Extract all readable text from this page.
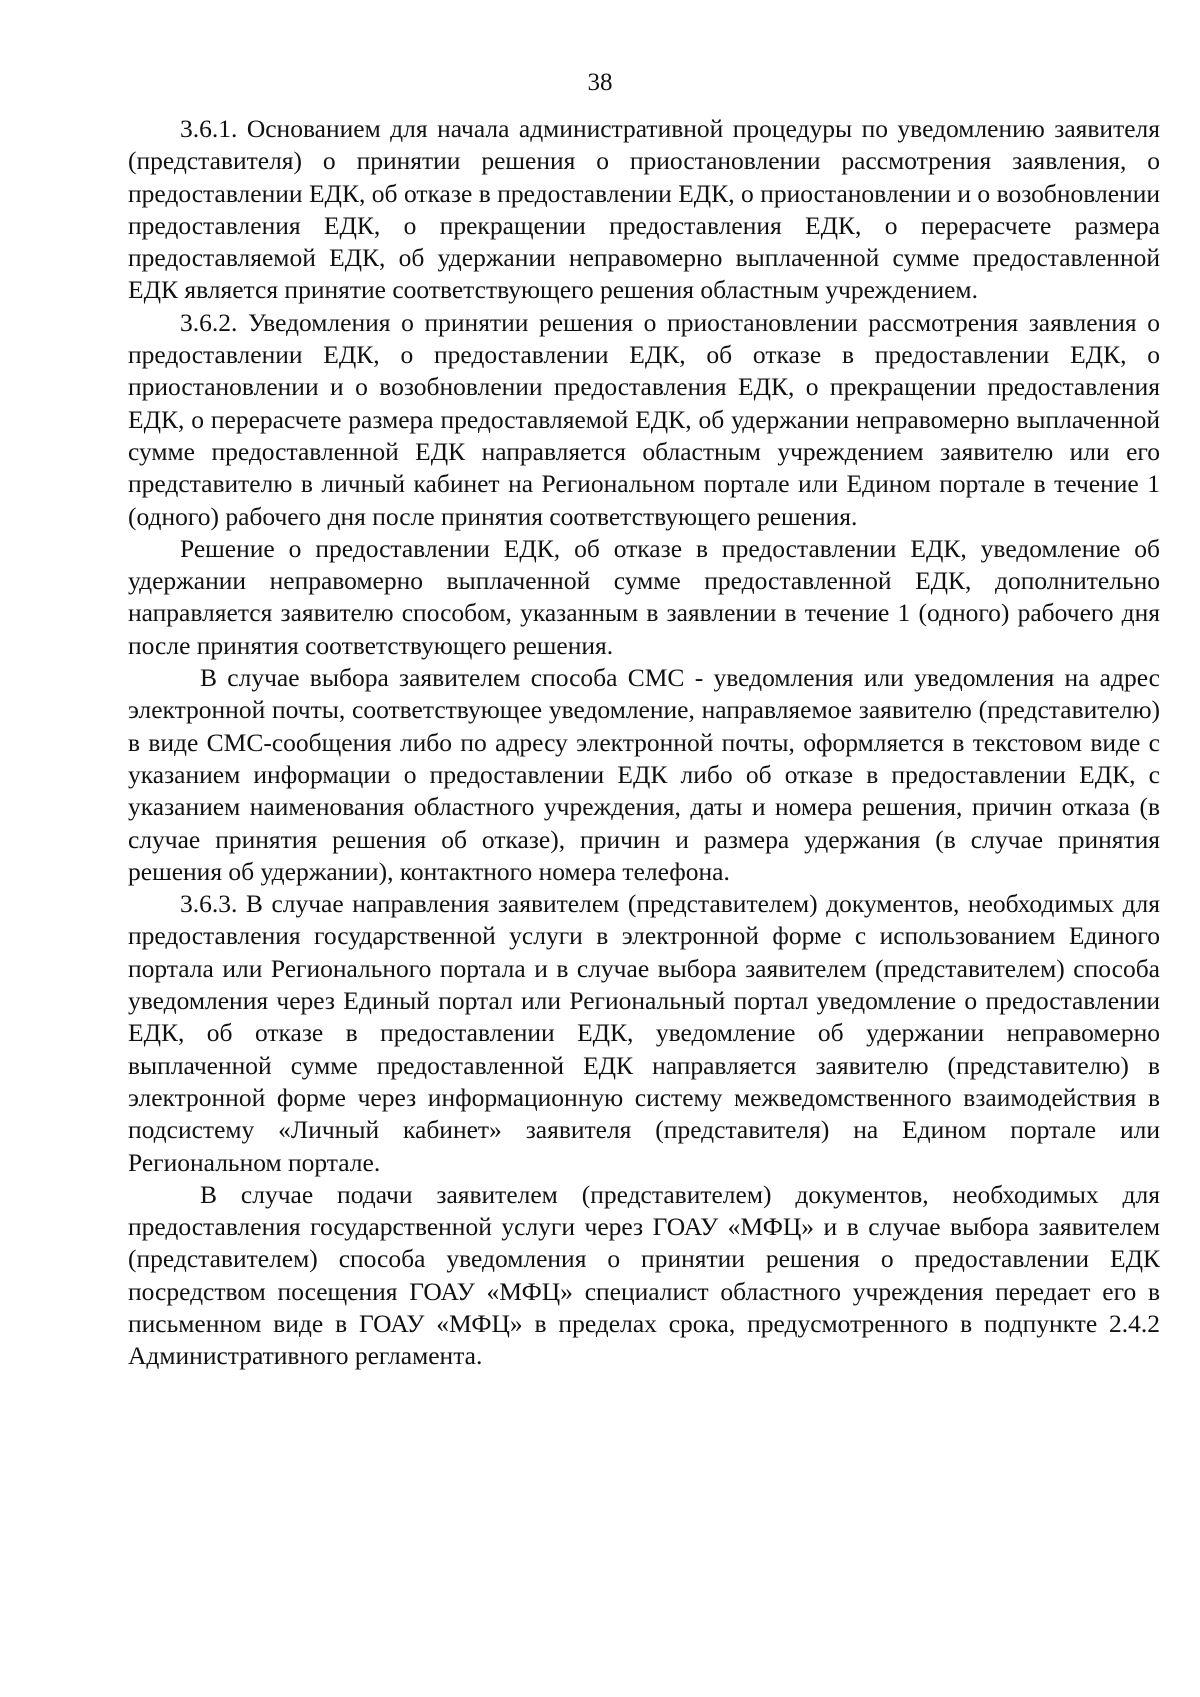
38

3.6.1. Основанием для начала административной процедуры по уведомлению заявителя (представителя) о принятии решения о приостановлении рассмотрения заявления, о предоставлении ЕДК, об отказе в предоставлении ЕДК, о приостановлении и о возобновлении предоставления ЕДК, о прекращении предоставления ЕДК, о перерасчете размера предоставляемой ЕДК, об удержании неправомерно выплаченной сумме предоставленной ЕДК является принятие соответствующего решения областным учреждением.

3.6.2. Уведомления о принятии решения о приостановлении рассмотрения заявления о предоставлении ЕДК, о предоставлении ЕДК, об отказе в предоставлении ЕДК, о приостановлении и о возобновлении предоставления ЕДК, о прекращении предоставления ЕДК, о перерасчете размера предоставляемой ЕДК, об удержании неправомерно выплаченной сумме предоставленной ЕДК направляется областным учреждением заявителю или его представителю в личный кабинет на Региональном портале или Едином портале в течение 1 (одного) рабочего дня после принятия соответствующего решения.

Решение о предоставлении ЕДК, об отказе в предоставлении ЕДК, уведомление об удержании неправомерно выплаченной сумме предоставленной ЕДК, дополнительно направляется заявителю способом, указанным в заявлении в течение 1 (одного) рабочего дня после принятия соответствующего решения.

В случае выбора заявителем способа СМС - уведомления или уведомления на адрес электронной почты, соответствующее уведомление, направляемое заявителю (представителю) в виде СМС-сообщения либо по адресу электронной почты, оформляется в текстовом виде с указанием информации о предоставлении ЕДК либо об отказе в предоставлении ЕДК, с указанием наименования областного учреждения, даты и номера решения, причин отказа (в случае принятия решения об отказе), причин и размера удержания (в случае принятия решения об удержании), контактного номера телефона.

3.6.3. В случае направления заявителем (представителем) документов, необходимых для предоставления государственной услуги в электронной форме с использованием Единого портала или Регионального портала и в случае выбора заявителем (представителем) способа уведомления через Единый портал или Региональный портал уведомление о предоставлении ЕДК, об отказе в предоставлении ЕДК, уведомление об удержании неправомерно выплаченной сумме предоставленной ЕДК направляется заявителю (представителю) в электронной форме через информационную систему межведомственного взаимодействия в подсистему «Личный кабинет» заявителя (представителя) на Едином портале или Региональном портале.

В случае подачи заявителем (представителем) документов, необходимых для предоставления государственной услуги через ГОАУ «МФЦ» и в случае выбора заявителем (представителем) способа уведомления о принятии решения о предоставлении ЕДК посредством посещения ГОАУ «МФЦ» специалист областного учреждения передает его в письменном виде в ГОАУ «МФЦ» в пределах срока, предусмотренного в подпункте 2.4.2 Административного регламента.
